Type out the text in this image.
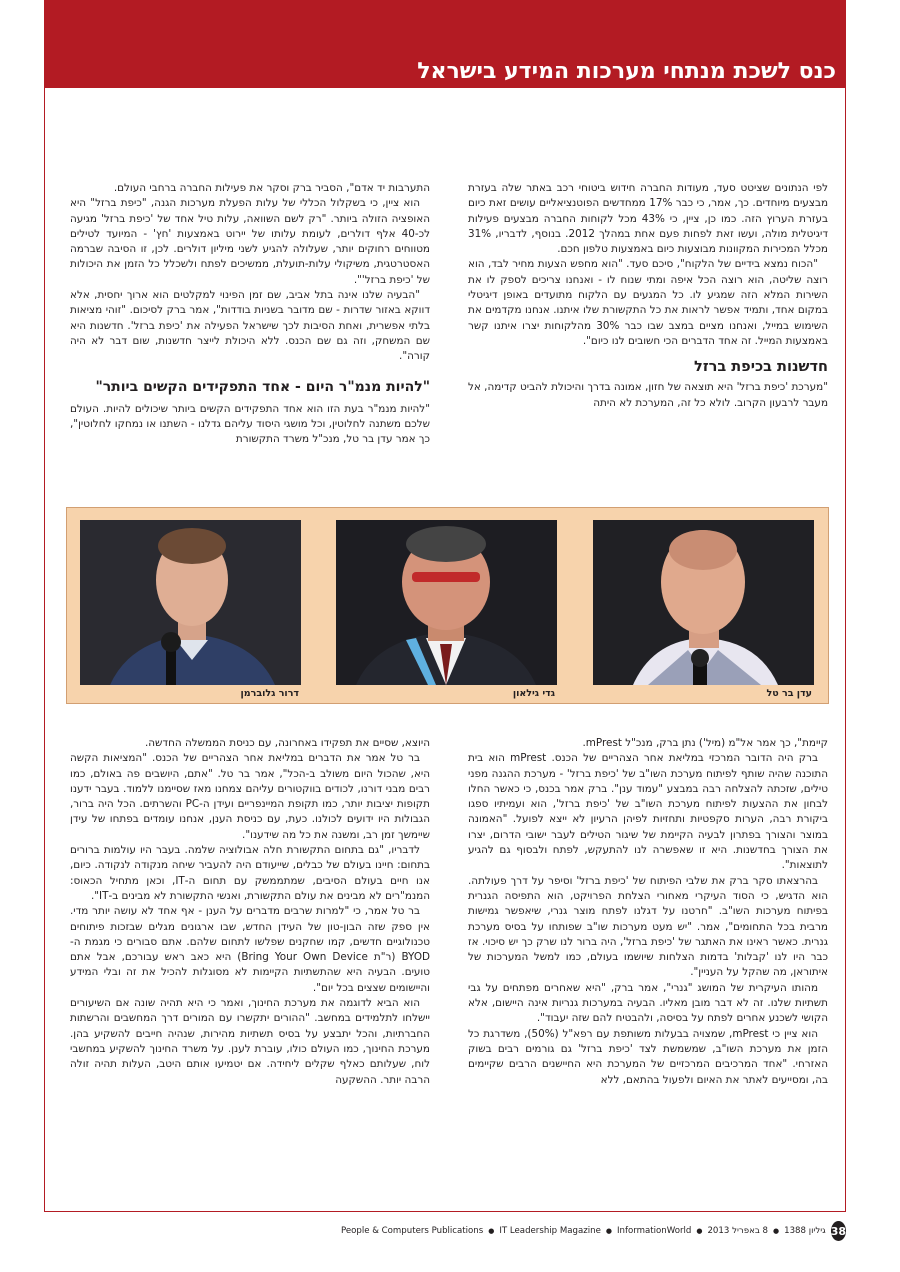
כנס לשכת מנתחי מערכות המידע בישראל

לפי הנתונים שציטט סעד, מעודות החברה חידוש ביטוחי רכב באתר שלה בעזרת מבצעים מיוחדים. כך, אמר, כי כבר 17% ממחדשים הפוטנציאליים עושים זאת כיום בעזרת הערוץ הזה. כמו כן, ציין, כי 43% מכל לקוחות החברה מבצעים פעילות דיגיטלית מולה, ועשו זאת לפחות פעם אחת במהלך 2012. בנוסף, לדבריו, 31% מכלל המכירות המקוונות מבוצעות כיום באמצעות טלפון חכם.

"הכוח נמצא בידיים של הלקוח", סיכם סעד. "הוא מחפש הצעות מחיר לבד, הוא רוצה שליטה, הוא רוצה הכל איפה ומתי שנוח לו - ואנחנו צריכים לספק לו את השירות המלא הזה שמגיע לו. כל המגעים עם הלקוח מתועדים באופן דיגיטלי במקום אחד, ותמיד אפשר לראות את כל התקשורת שלו איתנו. אנחנו מקדמים את השימוש במייל, ואנחנו מציים במצב שבו כבר 30% מהלקוחות יצרו איתנו קשר באמצעות המייל. זה אחד הדברים הכי חשובים לנו כיום".

חדשנות בכיפת ברזל

"מערכת 'כיפת ברזל' היא תוצאה של חזון, אמונה בדרך והיכולת להביט קדימה, אל מעבר לרבעון הקרוב. לולא כל זה, המערכת לא היתה

התערבות יד אדם", הסביר ברק וסקר את פעילות החברה ברחבי העולם.

הוא ציין, כי בשקלול הכללי של עלות הפעלת מערכות הגנה, "כיפת ברזל" היא האופציה הזולה ביותר. "רק לשם השוואה, עלות טיל אחד של 'כיפת ברזל' מגיעה לכ-40 אלף דולרים, לעומת עלותו של יירוט באמצעות 'חץ' - המיועד לטילים מטווחים רחוקים יותר, שעלולה להגיע לשני מיליון דולרים. לכן, זו הסיבה שברמה האסטרטגית, משיקולי עלות-תועלת, ממשיכים לפתח ולשכלל כל הזמן את היכולות של 'כיפת ברזל'".

"הבעיה שלנו אינה בתל אביב, שם זמן הפינוי למקלטים הוא ארוך יחסית, אלא דווקא באזור שדרות - שם מדובר בשניות בודדות", אמר ברק לסיכום. "זוהי מציאות בלתי אפשרית, ואחת הסיבות לכך שישראל הפעילה את 'כיפת ברזל'. חדשנות היא שם המשחק, וזה גם שם הכנס. ללא היכולת לייצר חדשנות, שום דבר לא היה קורה".

"להיות מנמ"ר היום - אחד התפקידים הקשים ביותר"

"להיות מנמ"ר בעת הזו הוא אחד התפקידים הקשים ביותר שיכולים להיות. העולם שלכם משתנה לחלוטין, וכל מושגי היסוד עליהם גדלנו - השתנו או נמחקו לחלוטין", כך אמר עדן בר טל, מנכ"ל משרד התקשורת

עדן בר טל
גדי גילאון
דרור גלוברמן

קיימת", כך אמר אל"מ (מיל') נתן ברק, מנכ"ל mPrest.

ברק היה הדובר המרכזי במליאת אחר הצהריים של הכנס. mPrest הוא בית התוכנה שהיה שותף לפיתוח מערכת השו"ב של 'כיפת ברזל' - מערכת ההגנה מפני טילים, שזכתה להצלחה רבה במבצע "עמוד ענן". ברק אמר בכנס, כי כאשר החלו לבחון את ההצעות לפיתוח מערכת השו"ב של 'כיפת ברזל', הוא ועמיתיו ספגו ביקורת רבה, הערות סקפטיות ותחזיות לפיהן הרעיון לא ייצא לפועל. "האמונה במוצר והצורך בפתרון לבעיה הקיימת של שיגור הטילים לעבר ישובי הדרום, יצרו את הצורך בחדשנות. היא זו שאפשרה לנו להתעקש, לפתח ולבסוף גם להגיע לתוצאות".

בהרצאתו סקר ברק את שלבי הפיתוח של 'כיפת ברזל' וסיפר על דרך פעולתה. הוא הדגיש, כי הסוד העיקרי מאחורי הצלחת הפרויקט, הוא התפיסה הגנרית בפיתוח מערכות השו"ב. "חרטנו על דגלנו לפתח מוצר גנרי, שיאפשר גמישות מרבית בכל התחומים", אמר. "יש מעט מערכות שו"ב שפותחו על בסיס מערכת גנרית. כאשר ראינו את האתגר של 'כיפת ברזל', היה ברור לנו שרק כך יש סיכוי. אז כבר היו לנו 'קבלות' בדמות הצלחות שיושמו בעולם, כמו למשל המערכות של איתוראן, מה שהקל על העניין".

מהותו העיקרית של המושג "גנרי", אמר ברק, "היא שאחרים מפתחים על גבי תשתיות שלנו. זה לא דבר מובן מאליו. הבעיה במערכות גנריות אינה היישום, אלא הקושי לשכנע אחרים לפתח על בסיסה, ולהבטיח להם שזה יעבוד".

הוא ציין כי mPrest, שמצויה בבעלות משותפת עם רפא"ל (50%), משדרגת כל הזמן את מערכת השו"ב, שמשמשת לצד 'כיפת ברזל' גם גורמים רבים בשוק האזרחי. "אחד המרכיבים המרכזיים של המערכת היא החיישנים הרבים שקיימים בה, ומסייעים לאתר את האיום ולפעול בהתאם, ללא

היוצא, שסיים את תפקידו באחרונה, עם כניסת הממשלה החדשה.

בר טל אמר את הדברים במליאת אחר הצהריים של הכנס. "המציאות הקשה היא, שהכול היום משולב ב-הכל", אמר בר טל. "אתם, היושבים פה באולם, כמו רבים מבני דורנו, לכודים בווקטורים עליהם צמחנו מאז שסיימנו ללמוד. בעבר ידענו תקופות יציבות יותר, כמו תקופת המיינפריים ועידן ה-PC והשרתים. הכל היה ברור, הגבולות היו ידועים לכולנו. כעת, עם כניסת הענן, אנחנו עומדים בפתחו של עידן שיימשך זמן רב, ומשנה את כל מה שידענו".

לדבריו, "גם בתחום התקשורת חלה אבולוציה שלמה. בעבר היו עולמות ברורים בתחום: חיינו בעולם של כבלים, שייעודם היה להעביר שיחה מנקודה לנקודה. כיום, אנו חיים בעולם הסיבים, שמתממשק עם תחום ה-IT, וכאן מתחיל הכאוס: המנמ"רים לא מבינים את עולם התקשורת, ואנשי התקשורת לא מבינים ב-IT".

בר טל אמר, כי "למרות שרבים מדברים על הענן - אף אחד לא עושה יותר מדי. אין ספק שזה הבון-טון של העידן החדש, שבו ארגונים מגלים שבזכות פיתוחים טכנולוגיים חדשים, קמו שחקנים שפלשו לתחום שלהם. אתם סבורים כי מגמת ה-BYOD (ר"ת Bring Your Own Device) היא כאב ראש עבורכם, אבל אתם טועים. הבעיה היא שהתשתיות הקיימות לא מסוגלות להכיל את זה ובלי המידע והיישומים שצצים בכל יום".

הוא הביא לדוגמה את מערכת החינוך, ואמר כי היא תהיה שונה אם השיעורים יישלחו לתלמידים במחשב. "ההורים יתקשרו עם המורים דרך המחשבים והרשתות החברתיות, והכל יתבצע על בסיס תשתיות מהירות, שנהיה חייבים להשקיע בהן. מערכת החינוך, כמו העולם כולו, עוברת לענן. על משרד החינוך להשקיע במחשבי לוח, שעלותם כאלף שקלים ליחידה. אם יטמיעו אותם היטב, העלות תהיה זולה הרבה יותר. ההשקעה

People & Computers Publications ● IT Leadership Magazine ● InformationWorld ● 8 באפריל 2013 ● גיליון 1388 38
